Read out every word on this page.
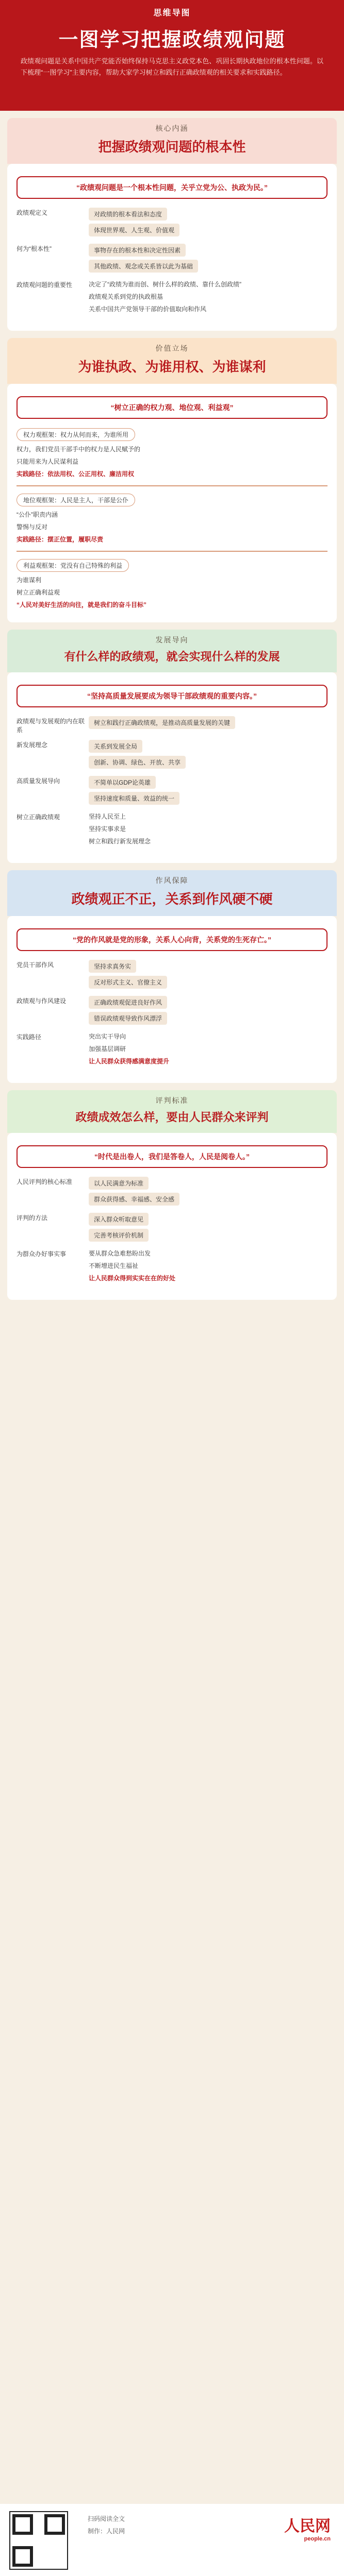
思维导图
一图学习把握政绩观问题
政绩观问题是关系中国共产党能否始终保持马克思主义政党本色、巩固长期执政地位的根本性问题。以下梳理“一图学习”主要内容，帮助大家学习树立和践行正确政绩观的相关要求和实践路径。
核心内涵
把握政绩观问题的根本性
“政绩观问题是一个根本性问题，关乎立党为公、执政为民。”
政绩观定义	对政绩的根本看法和态度
体现世界观、人生观、价值观
何为“根本性”	事物存在的根本性和决定性因素
其他政绩、观念或关系皆以此为基础
政绩观问题的重要性	决定了“政绩为谁而创、树什么样的政绩、靠什么创政绩”
政绩观关系到党的执政根基
关系中国共产党领导干部的价值取向和作风
价值立场
为谁执政、为谁用权、为谁谋利
“树立正确的权力观、地位观、利益观”
权力观框架：权力从何而来，为谁所用
权力，我们党员干部手中的权力是人民赋予的
只能用来为人民谋利益
实践路径：依法用权、公正用权、廉洁用权
地位观框架：人民是主人，干部是公仆
“公仆”职责内涵
警惕与反对
实践路径：摆正位置，履职尽责
利益观框架：党没有自己特殊的利益
为谁谋利
树立正确利益观
“人民对美好生活的向往，就是我们的奋斗目标”
发展导向
有什么样的政绩观，就会实现什么样的发展
“坚持高质量发展要成为领导干部政绩观的重要内容。”
政绩观与发展观的内在联系
树立和践行正确政绩观，是推动高质量发展的关键
新发展理念	关系到发展全局
创新、协调、绿色、开放、共享
高质量发展导向	不简单以GDP论英雄
坚持速度和质量、效益的统一
树立正确政绩观	坚持人民至上
坚持实事求是
树立和践行新发展理念
作风保障
政绩观正不正，关系到作风硬不硬
“党的作风就是党的形象，关系人心向背，关系党的生死存亡。”
党员干部作风	坚持求真务实
反对形式主义、官僚主义
政绩观与作风建设	正确政绩观促进良好作风
错误政绩观导致作风漂浮
实践路径	突出实干导向
加强基层调研
让人民群众获得感满意度提升
评判标准
政绩成效怎么样，要由人民群众来评判
“时代是出卷人，我们是答卷人，人民是阅卷人。”
人民评判的核心标准	以人民满意为标准
群众获得感、幸福感、安全感
评判的方法	深入群众听取意见
完善考核评价机制
为群众办好事实事	要从群众急难愁盼出发
不断增进民生福祉
让人民群众得到实实在在的好处
扫码阅读全文
制作：人民网	人民网
people.cn
